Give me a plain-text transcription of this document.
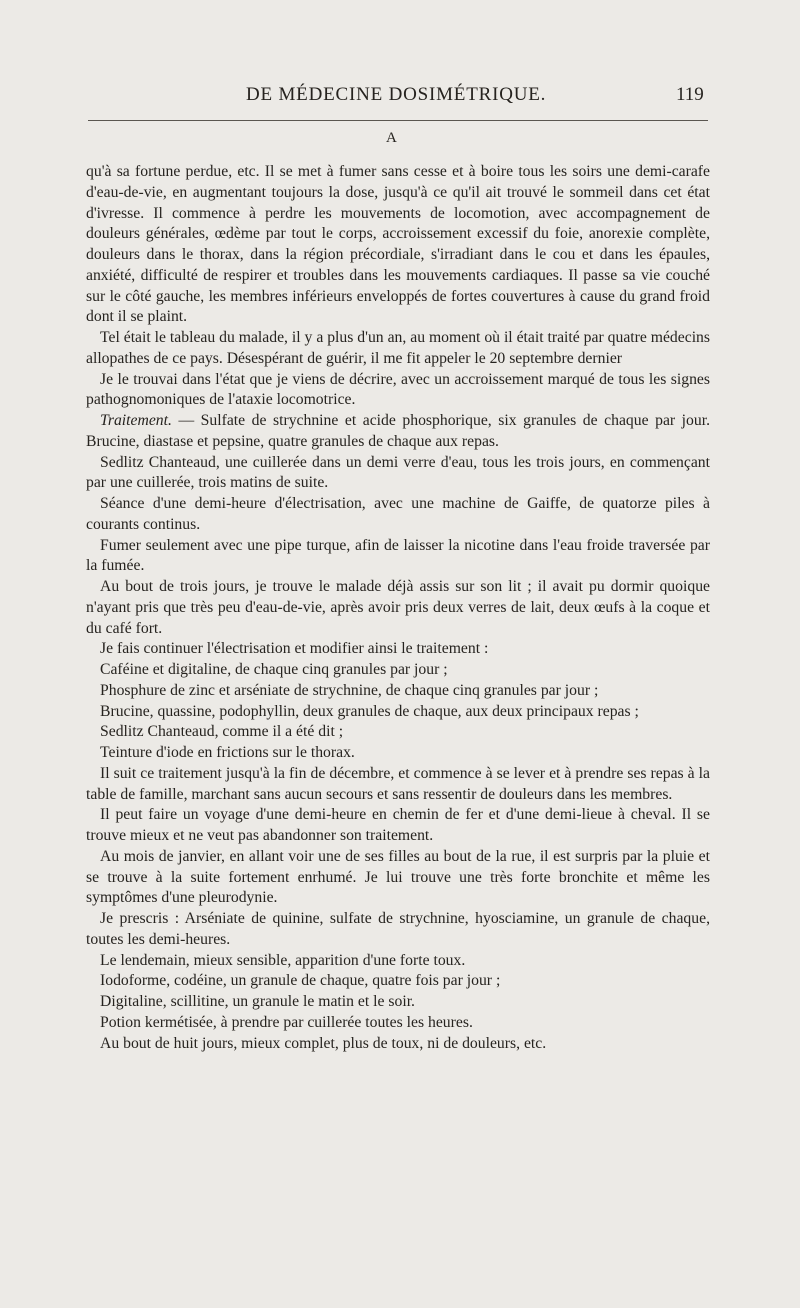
DE MÉDECINE DOSIMÉTRIQUE.	119
A

qu'à sa fortune perdue, etc. Il se met à fumer sans cesse et à boire tous les soirs une demi-carafe d'eau-de-vie, en augmentant toujours la dose, jusqu'à ce qu'il ait trouvé le sommeil dans cet état d'ivresse. Il commence à perdre les mouvements de locomotion, avec accompagnement de douleurs générales, œdème par tout le corps, accroissement excessif du foie, anorexie complète, douleurs dans le thorax, dans la région précordiale, s'irradiant dans le cou et dans les épaules, anxiété, difficulté de respirer et troubles dans les mouvements cardiaques. Il passe sa vie couché sur le côté gauche, les membres inférieurs enveloppés de fortes couvertures à cause du grand froid dont il se plaint.

Tel était le tableau du malade, il y a plus d'un an, au moment où il était traité par quatre médecins allopathes de ce pays. Désespérant de guérir, il me fit appeler le 20 septembre dernier

Je le trouvai dans l'état que je viens de décrire, avec un accroissement marqué de tous les signes pathognomoniques de l'ataxie locomotrice.

Traitement. — Sulfate de strychnine et acide phosphorique, six granules de chaque par jour. Brucine, diastase et pepsine, quatre granules de chaque aux repas.

Sedlitz Chanteaud, une cuillerée dans un demi verre d'eau, tous les trois jours, en commençant par une cuillerée, trois matins de suite.

Séance d'une demi-heure d'électrisation, avec une machine de Gaiffe, de quatorze piles à courants continus.

Fumer seulement avec une pipe turque, afin de laisser la nicotine dans l'eau froide traversée par la fumée.

Au bout de trois jours, je trouve le malade déjà assis sur son lit ; il avait pu dormir quoique n'ayant pris que très peu d'eau-de-vie, après avoir pris deux verres de lait, deux œufs à la coque et du café fort.

Je fais continuer l'électrisation et modifier ainsi le traitement :

Caféine et digitaline, de chaque cinq granules par jour ;

Phosphure de zinc et arséniate de strychnine, de chaque cinq granules par jour ;

Brucine, quassine, podophyllin, deux granules de chaque, aux deux principaux repas ;

Sedlitz Chanteaud, comme il a été dit ;

Teinture d'iode en frictions sur le thorax.

Il suit ce traitement jusqu'à la fin de décembre, et commence à se lever et à prendre ses repas à la table de famille, marchant sans aucun secours et sans ressentir de douleurs dans les membres.

Il peut faire un voyage d'une demi-heure en chemin de fer et d'une demi-lieue à cheval. Il se trouve mieux et ne veut pas abandonner son traitement.

Au mois de janvier, en allant voir une de ses filles au bout de la rue, il est surpris par la pluie et se trouve à la suite fortement enrhumé. Je lui trouve une très forte bronchite et même les symptômes d'une pleurodynie.

Je prescris : Arséniate de quinine, sulfate de strychnine, hyosciamine, un granule de chaque, toutes les demi-heures.

Le lendemain, mieux sensible, apparition d'une forte toux.

Iodoforme, codéine, un granule de chaque, quatre fois par jour ;

Digitaline, scillitine, un granule le matin et le soir.

Potion kermétisée, à prendre par cuillerée toutes les heures.

Au bout de huit jours, mieux complet, plus de toux, ni de douleurs, etc.
